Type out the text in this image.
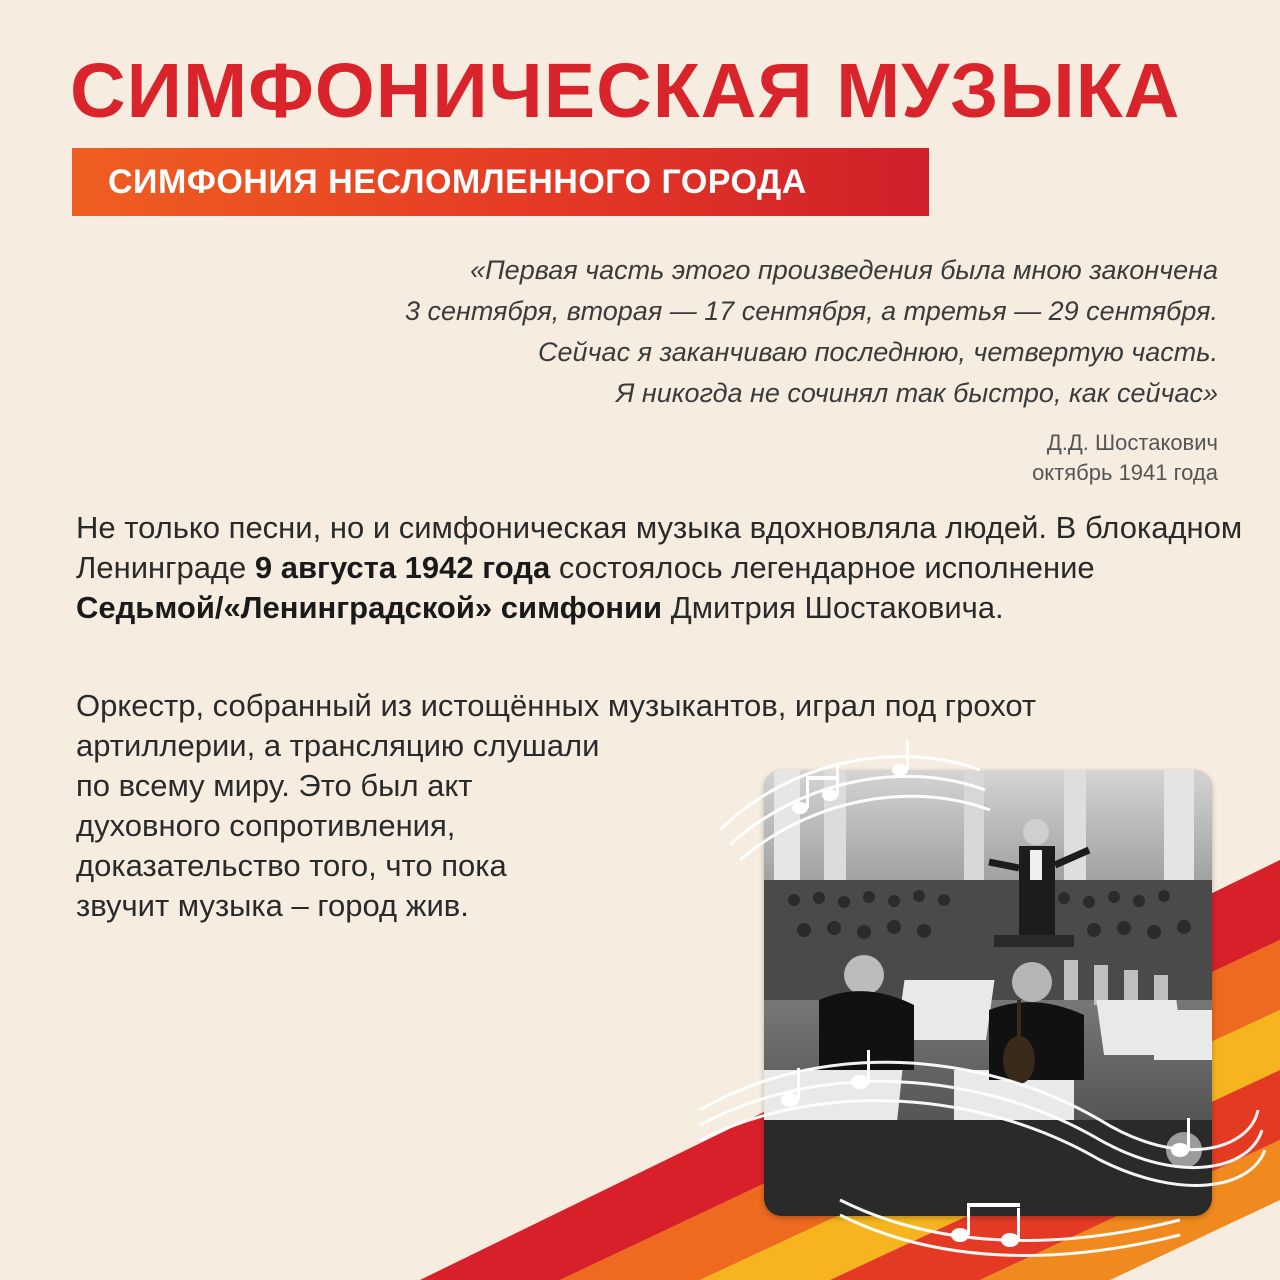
СИМФОНИЧЕСКАЯ МУЗЫКА
СИМФОНИЯ НЕСЛОМЛЕННОГО ГОРОДА
«Первая часть этого произведения была мною закончена
3 сентября, вторая — 17 сентября, а третья — 29 сентября.
Сейчас я заканчиваю последнюю, четвертую часть.
Я никогда не сочинял так быстро, как сейчас»
Д.Д. Шостакович
октябрь 1941 года

Не только песни, но и симфоническая музыка вдохновляла людей. В блокадном Ленинграде 9 августа 1942 года состоялось легендарное исполнение Седьмой/«Ленинградской» симфонии Дмитрия Шостаковича.

Оркестр, собранный из истощённых музыкантов, играл под грохот
артиллерии, а трансляцию слушали
по всему миру. Это был акт
духовного сопротивления,
доказательство того, что пока
звучит музыка – город жив.
